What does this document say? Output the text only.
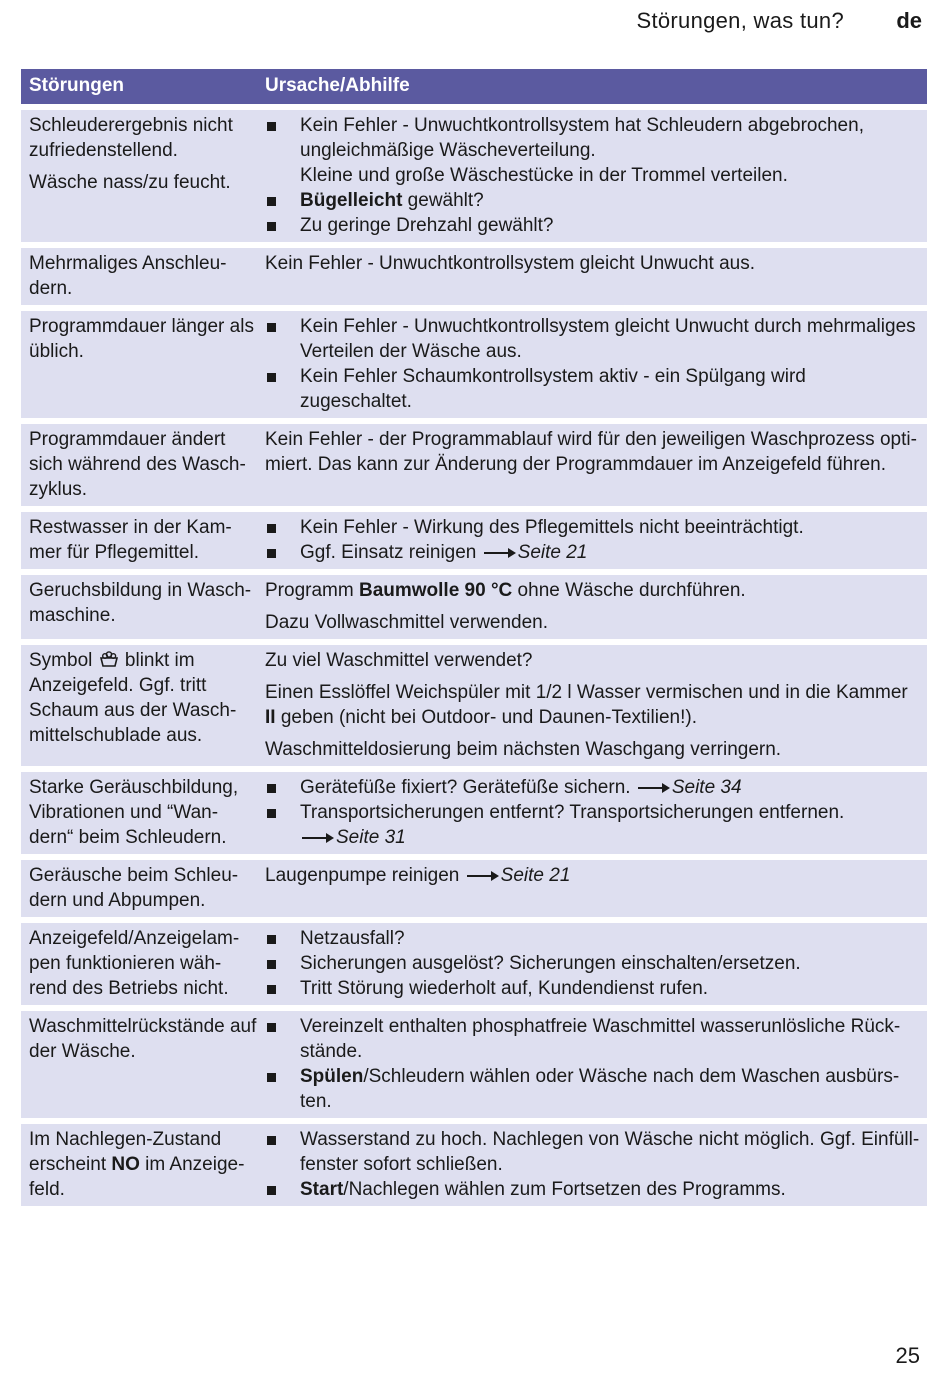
Störungen, was tun? de
Störungen	Ursache/Abhilfe

Schleuderergebnis nicht zufriedenstellend.

Wäsche nass/zu feucht.

Kein Fehler - Unwuchtkontrollsystem hat Schleudern abgebrochen, ungleichmäßige Wäscheverteilung.
Kleine und große Wäschestücke in der Trommel verteilen.
Bügelleicht gewählt?
Zu geringe Drehzahl gewählt?

Mehrmaliges Anschleu-dern.

Kein Fehler - Unwuchtkontrollsystem gleicht Unwucht aus.

Programmdauer länger als üblich.

Kein Fehler - Unwuchtkontrollsystem gleicht Unwucht durch mehrmaliges Verteilen der Wäsche aus.
Kein Fehler Schaumkontrollsystem aktiv - ein Spülgang wird zugeschaltet.

Programmdauer ändert sich während des Wasch-zyklus.

Kein Fehler - der Programmablauf wird für den jeweiligen Waschprozess opti-miert. Das kann zur Änderung der Programmdauer im Anzeigefeld führen.

Restwasser in der Kam-mer für Pflegemittel.

Kein Fehler - Wirkung des Pflegemittels nicht beeinträchtigt.
Ggf. Einsatz reinigen Seite 21

Geruchsbildung in Wasch-maschine.

Programm Baumwolle 90 °C ohne Wäsche durchführen.

Dazu Vollwaschmittel verwenden.

Symbol  blinkt im Anzeigefeld. Ggf. tritt Schaum aus der Wasch-mittelschublade aus.

Zu viel Waschmittel verwendet?

Einen Esslöffel Weichspüler mit 1/2 l Wasser vermischen und in die Kammer II geben (nicht bei Outdoor- und Daunen-Textilien!).

Waschmitteldosierung beim nächsten Waschgang verringern.

Starke Geräuschbildung, Vibrationen und “Wan-dern“ beim Schleudern.

Gerätefüße fixiert? Gerätefüße sichern. Seite 34
Transportsicherungen entfernt? Transportsicherungen entfernen.
Seite 31

Geräusche beim Schleu-dern und Abpumpen.

Laugenpumpe reinigen Seite 21

Anzeigefeld/Anzeigelam-pen funktionieren wäh-rend des Betriebs nicht.

Netzausfall?
Sicherungen ausgelöst? Sicherungen einschalten/ersetzen.
Tritt Störung wiederholt auf, Kundendienst rufen.

Waschmittelrückstände auf der Wäsche.

Vereinzelt enthalten phosphatfreie Waschmittel wasserunlösliche Rück-stände.
Spülen/Schleudern wählen oder Wäsche nach dem Waschen ausbürs-ten.

Im Nachlegen-Zustand erscheint NO im Anzeige-feld.

Wasserstand zu hoch. Nachlegen von Wäsche nicht möglich. Ggf. Einfüll-fenster sofort schließen.
Start/Nachlegen wählen zum Fortsetzen des Programms.
25
